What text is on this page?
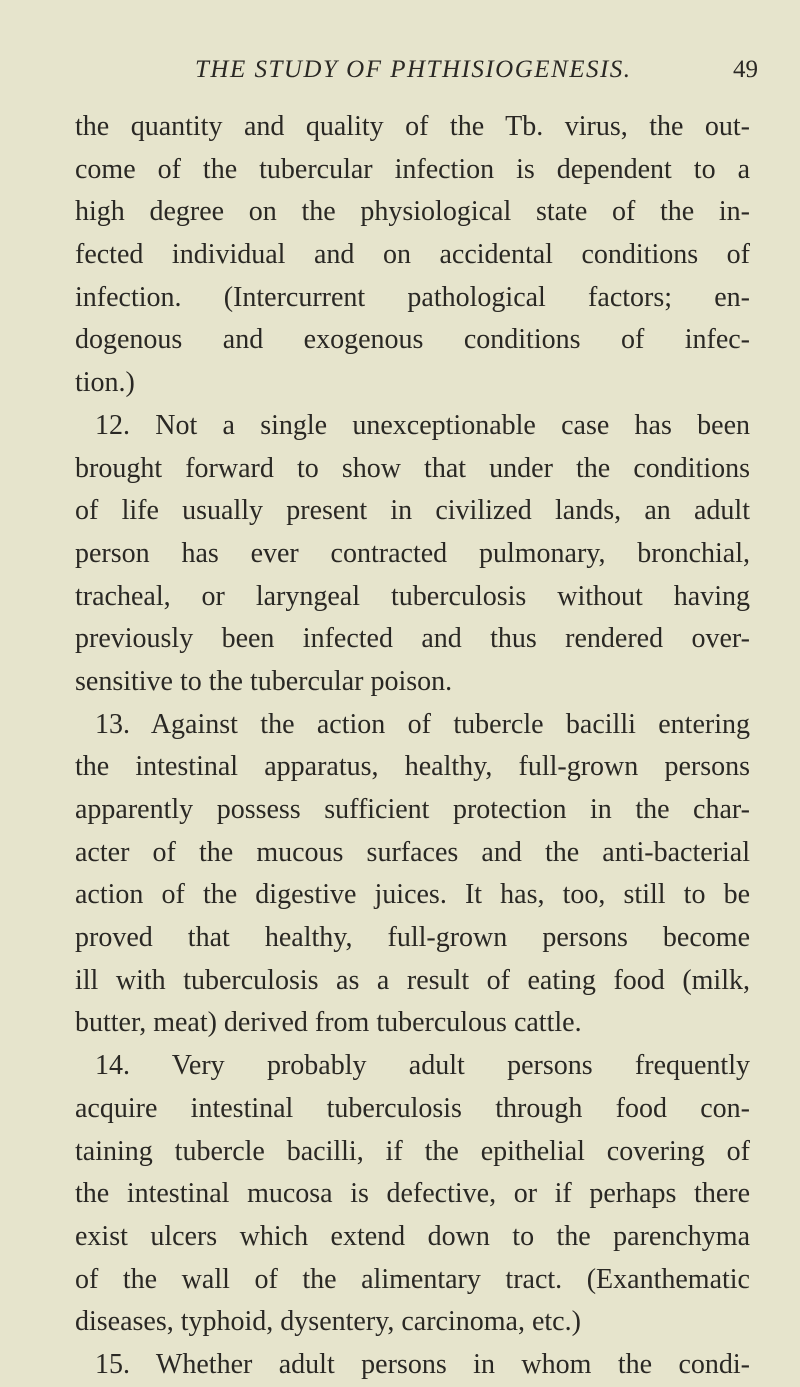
THE STUDY OF PHTHISIOGENESIS.	49
the quantity and quality of the Tb. virus, the out-
come of the tubercular infection is dependent to a
high degree on the physiological state of the in-
fected individual and on accidental conditions of
infection. (Intercurrent pathological factors; en-
dogenous and exogenous conditions of infec-
tion.)
12. Not a single unexceptionable case has been
brought forward to show that under the conditions
of life usually present in civilized lands, an adult
person has ever contracted pulmonary, bronchial,
tracheal, or laryngeal tuberculosis without having
previously been infected and thus rendered over-
sensitive to the tubercular poison.
13. Against the action of tubercle bacilli entering
the intestinal apparatus, healthy, full-grown persons
apparently possess sufficient protection in the char-
acter of the mucous surfaces and the anti-bacterial
action of the digestive juices. It has, too, still to be
proved that healthy, full-grown persons become
ill with tuberculosis as a result of eating food (milk,
butter, meat) derived from tuberculous cattle.
14. Very probably adult persons frequently
acquire intestinal tuberculosis through food con-
taining tubercle bacilli, if the epithelial covering of
the intestinal mucosa is defective, or if perhaps there
exist ulcers which extend down to the parenchyma
of the wall of the alimentary tract. (Exanthematic
diseases, typhoid, dysentery, carcinoma, etc.)
15. Whether adult persons in whom the condi-
